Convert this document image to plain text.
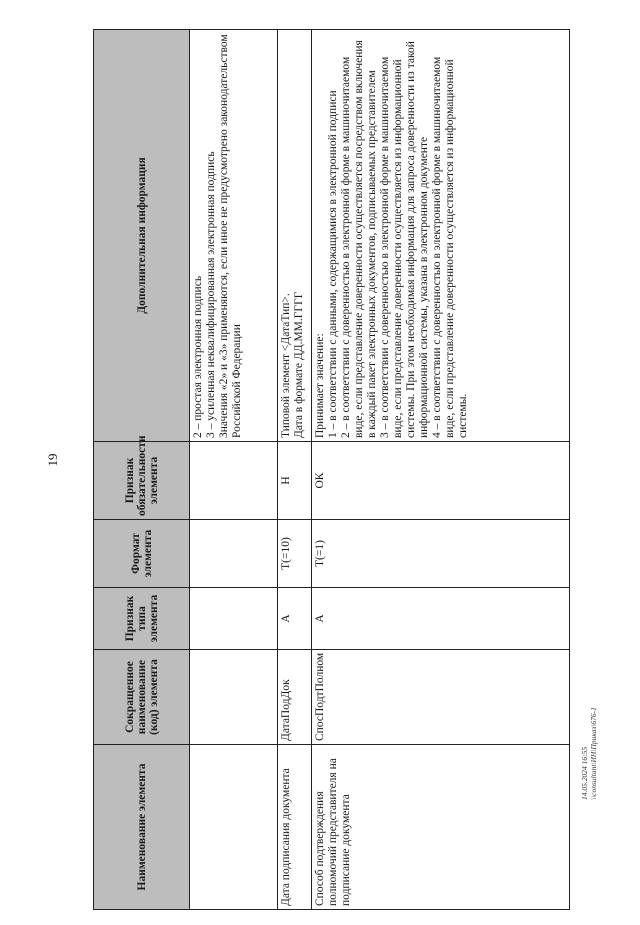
19
Наименование элемента	Сокращенное наименование (код) элемента	Признак типа элемента	Формат элемента	Признак обязательности элемента	Дополнительная информация

					2 – простая электронная подпись 3 – усиленная неквалифицированная электронная подпись Значения «2» и «3» применяются, если иное не предусмотрено законодательством Российской Федерации

Дата подписания документа	ДатаПодДок	А	T(=10)	Н	Типовой элемент <ДатаТип>. Дата в формате ДД.ММ.ГГГГ

Способ подтверждения полномочий представителя на подписание документа	СпосПодтПолном	А	T(=1)	ОК	Принимает значение: 1 – в соответствии с данными, содержащимися в электронной подписи 2 – в соответствии с доверенностью в электронной форме в машиночитаемом виде, если представление доверенности осуществляется посредством включения в каждый пакет электронных документов, подписываемых представителем 3 – в соответствии с доверенностью в электронной форме в машиночитаемом виде, если представление доверенности осуществляется из информационной системы. При этом необходимая информация для запроса доверенности из такой информационной системы, указана в электронном документе 4 – в соответствии с доверенностью в электронной форме в машиночитаемом виде, если представление доверенности осуществляется из информационной системы.
14.05.2024 16:55 \\consultant\ИН\Приказ\676-1
